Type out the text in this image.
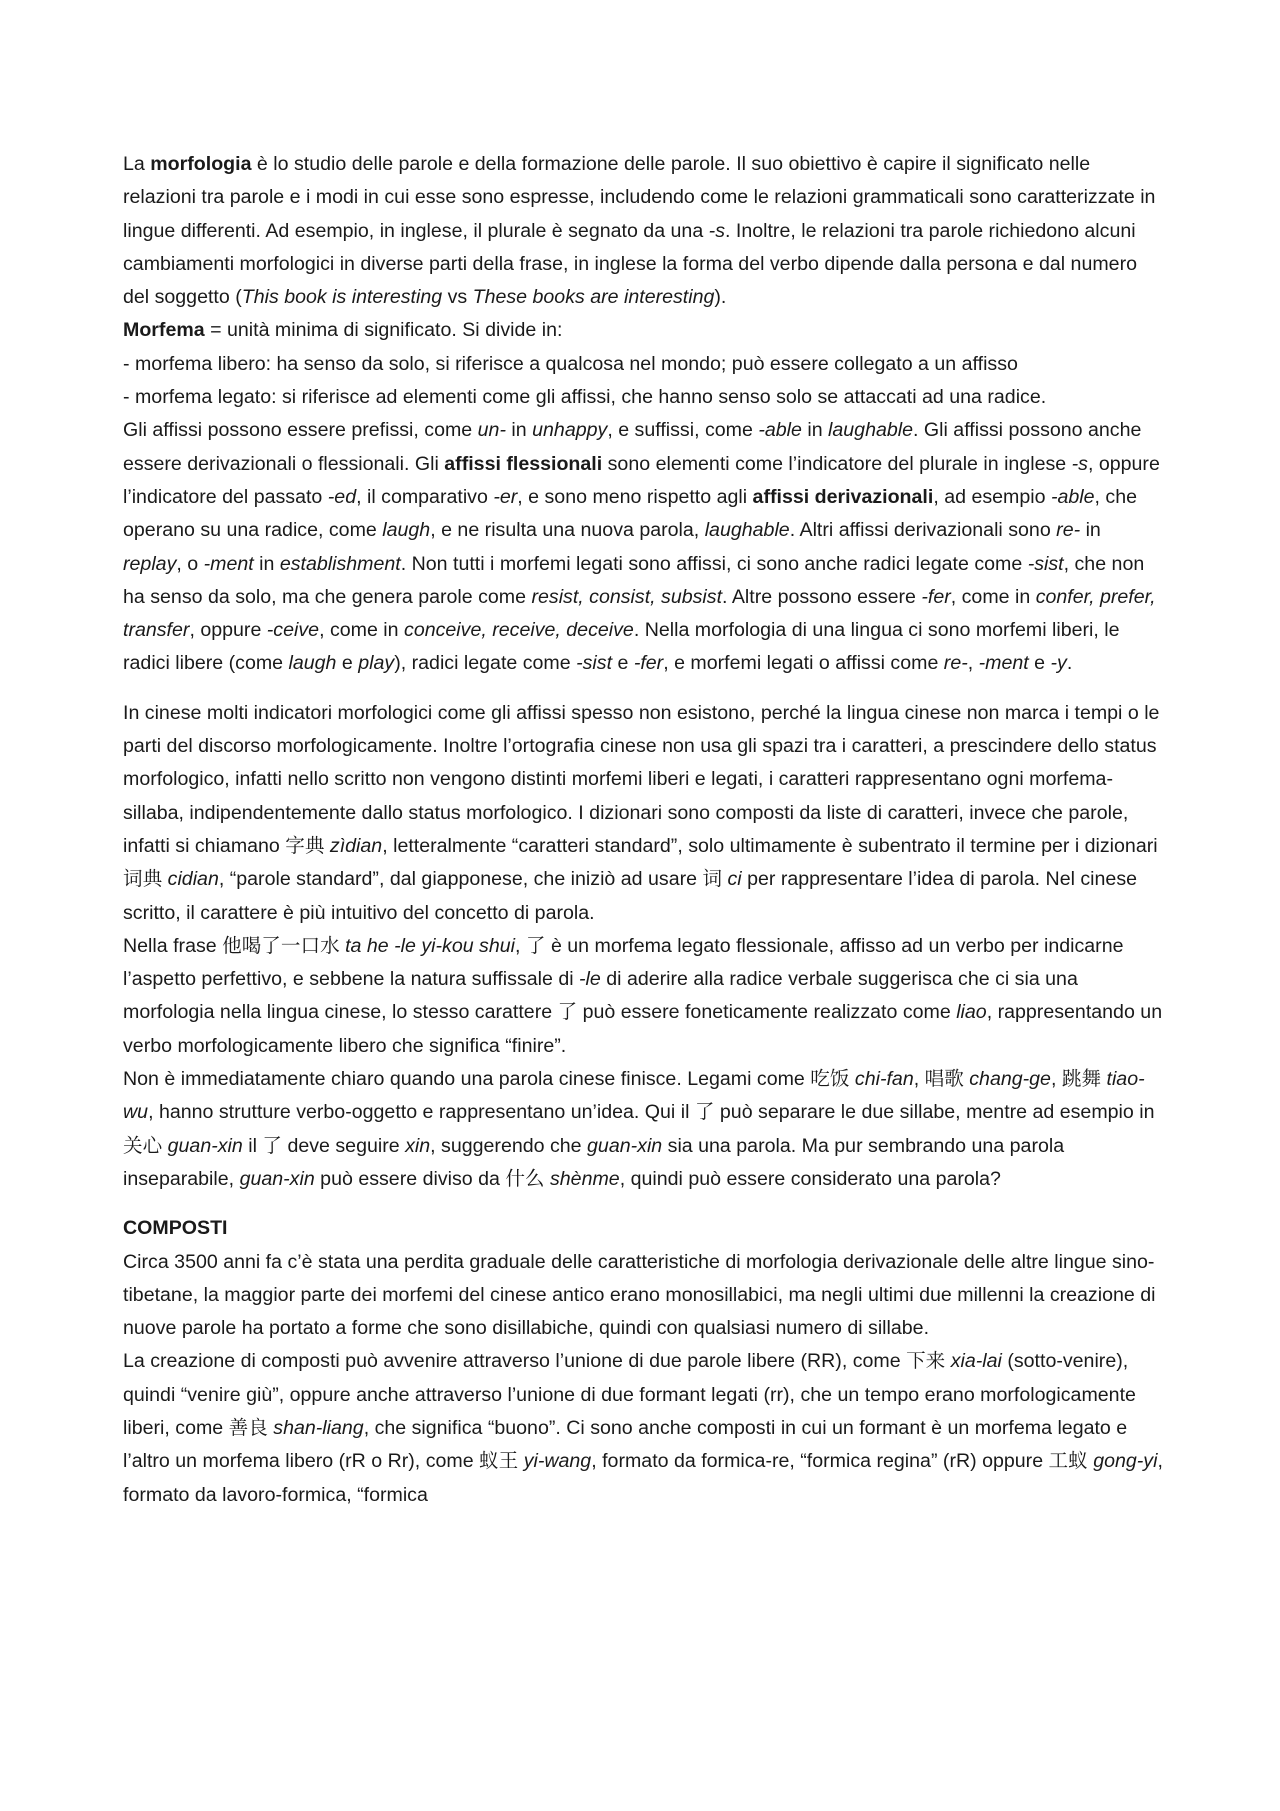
La morfologia è lo studio delle parole e della formazione delle parole. Il suo obiettivo è capire il significato nelle relazioni tra parole e i modi in cui esse sono espresse, includendo come le relazioni grammaticali sono caratterizzate in lingue differenti. Ad esempio, in inglese, il plurale è segnato da una -s. Inoltre, le relazioni tra parole richiedono alcuni cambiamenti morfologici in diverse parti della frase, in inglese la forma del verbo dipende dalla persona e dal numero del soggetto (This book is interesting vs These books are interesting).

Morfema = unità minima di significato. Si divide in:

- morfema libero: ha senso da solo, si riferisce a qualcosa nel mondo; può essere collegato a un affisso

- morfema legato: si riferisce ad elementi come gli affissi, che hanno senso solo se attaccati ad una radice.

Gli affissi possono essere prefissi, come un- in unhappy, e suffissi, come -able in laughable. Gli affissi possono anche essere derivazionali o flessionali. Gli affissi flessionali sono elementi come l’indicatore del plurale in inglese -s, oppure l’indicatore del passato -ed, il comparativo -er, e sono meno rispetto agli affissi derivazionali, ad esempio -able, che operano su una radice, come laugh, e ne risulta una nuova parola, laughable. Altri affissi derivazionali sono re- in replay, o -ment in establishment. Non tutti i morfemi legati sono affissi, ci sono anche radici legate come -sist, che non ha senso da solo, ma che genera parole come resist, consist, subsist. Altre possono essere -fer, come in confer, prefer, transfer, oppure -ceive, come in conceive, receive, deceive. Nella morfologia di una lingua ci sono morfemi liberi, le radici libere (come laugh e play), radici legate come -sist e -fer, e morfemi legati o affissi come re-, -ment e -y.

In cinese molti indicatori morfologici come gli affissi spesso non esistono, perché la lingua cinese non marca i tempi o le parti del discorso morfologicamente. Inoltre l’ortografia cinese non usa gli spazi tra i caratteri, a prescindere dello status morfologico, infatti nello scritto non vengono distinti morfemi liberi e legati, i caratteri rappresentano ogni morfema-sillaba, indipendentemente dallo status morfologico. I dizionari sono composti da liste di caratteri, invece che parole, infatti si chiamano 字典 zìdian, letteralmente “caratteri standard”, solo ultimamente è subentrato il termine per i dizionari 词典 cidian, “parole standard”, dal giapponese, che iniziò ad usare 词 ci per rappresentare l’idea di parola. Nel cinese scritto, il carattere è più intuitivo del concetto di parola.

Nella frase 他喝了一口水 ta he -le yi-kou shui, 了 è un morfema legato flessionale, affisso ad un verbo per indicarne l’aspetto perfettivo, e sebbene la natura suffissale di -le di aderire alla radice verbale suggerisca che ci sia una morfologia nella lingua cinese, lo stesso carattere 了 può essere foneticamente realizzato come liao, rappresentando un verbo morfologicamente libero che significa “finire”.

Non è immediatamente chiaro quando una parola cinese finisce. Legami come 吃饭 chi-fan, 唱歌 chang-ge, 跳舞 tiao-wu, hanno strutture verbo-oggetto e rappresentano un’idea. Qui il 了 può separare le due sillabe, mentre ad esempio in 关心 guan-xin il 了 deve seguire xin, suggerendo che guan-xin sia una parola. Ma pur sembrando una parola inseparabile, guan-xin può essere diviso da 什么 shènme, quindi può essere considerato una parola?

COMPOSTI

Circa 3500 anni fa c’è stata una perdita graduale delle caratteristiche di morfologia derivazionale delle altre lingue sino-tibetane, la maggior parte dei morfemi del cinese antico erano monosillabici, ma negli ultimi due millenni la creazione di nuove parole ha portato a forme che sono disillabiche, quindi con qualsiasi numero di sillabe.

La creazione di composti può avvenire attraverso l’unione di due parole libere (RR), come 下来 xia-lai (sotto-venire), quindi “venire giù”, oppure anche attraverso l’unione di due formant legati (rr), che un tempo erano morfologicamente liberi, come 善良 shan-liang, che significa “buono”. Ci sono anche composti in cui un formant è un morfema legato e l’altro un morfema libero (rR o Rr), come 蚁王 yi-wang, formato da formica-re, “formica regina” (rR) oppure 工蚁 gong-yi, formato da lavoro-formica, “formica
